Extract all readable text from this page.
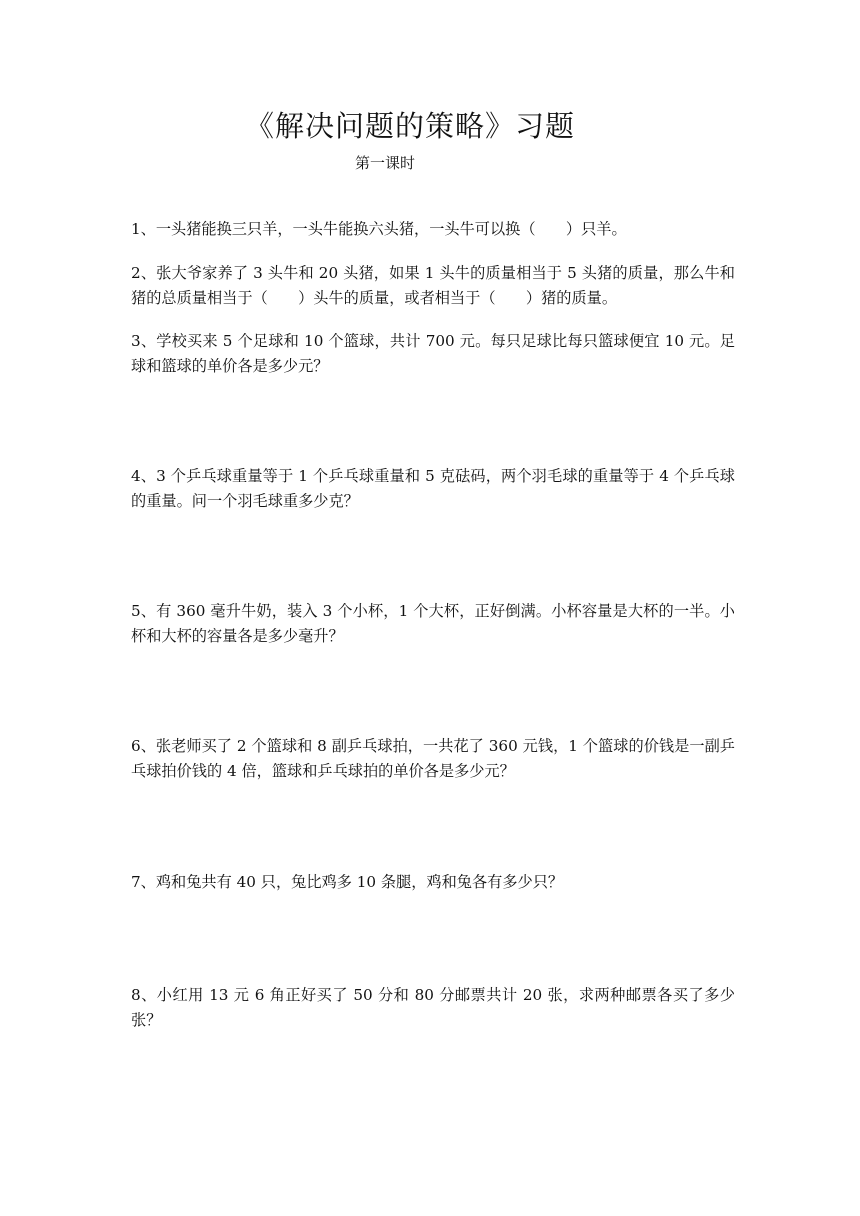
《解决问题的策略》习题

第一课时

1、一头猪能换三只羊，一头牛能换六头猪，一头牛可以换（　　）只羊。

2、张大爷家养了 3 头牛和 20 头猪，如果 1 头牛的质量相当于 5 头猪的质量，那么牛和猪的总质量相当于（　　）头牛的质量，或者相当于（　　）猪的质量。

3、学校买来 5 个足球和 10 个篮球，共计 700 元。每只足球比每只篮球便宜 10 元。足球和篮球的单价各是多少元？

4、3 个乒乓球重量等于 1 个乒乓球重量和 5 克砝码，两个羽毛球的重量等于 4 个乒乓球的重量。问一个羽毛球重多少克？

5、有 360 毫升牛奶，装入 3 个小杯，1 个大杯，正好倒满。小杯容量是大杯的一半。小杯和大杯的容量各是多少毫升？

6、张老师买了 2 个篮球和 8 副乒乓球拍，一共花了 360 元钱，1 个篮球的价钱是一副乒乓球拍价钱的 4 倍，篮球和乒乓球拍的单价各是多少元？

7、鸡和兔共有 40 只，兔比鸡多 10 条腿，鸡和兔各有多少只？

8、小红用 13 元 6 角正好买了 50 分和 80 分邮票共计 20 张，求两种邮票各买了多少张？
